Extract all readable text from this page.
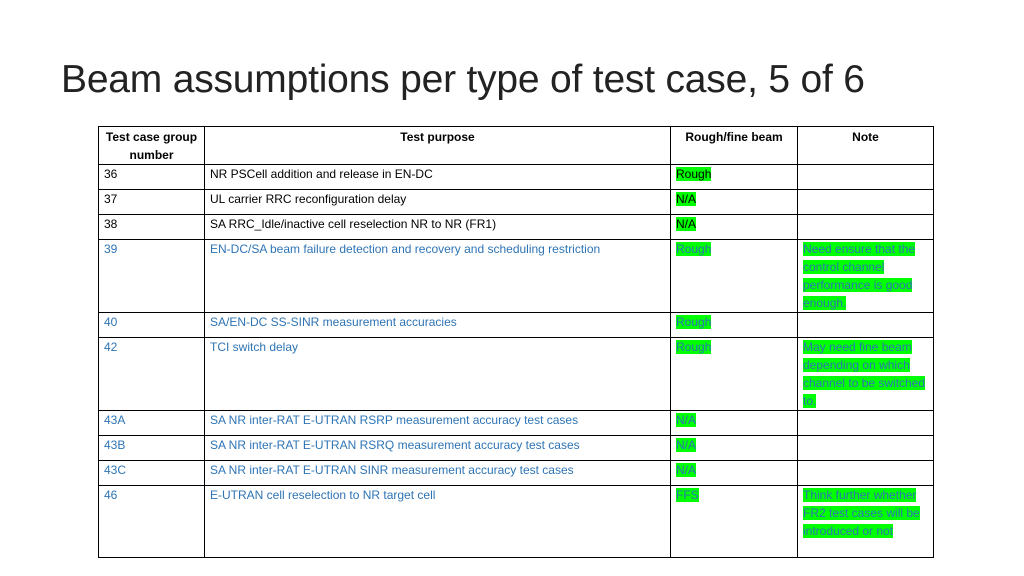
Beam assumptions per type of test case, 5 of 6
Test case group number	Test purpose	Rough/fine beam	Note
36	NR PSCell addition and release in EN-DC	Rough	
37	UL carrier RRC reconfiguration delay	N/A	
38	SA RRC_Idle/inactive cell reselection NR to NR (FR1)	N/A	
39	EN-DC/SA beam failure detection and recovery and scheduling restriction	Rough	Need ensure that the control channel performance is good enough.
40	SA/EN-DC SS-SINR measurement accuracies	Rough	
42	TCI switch delay	Rough	May need fine beam depending on which channel to be switched to.
43A	SA NR inter-RAT E-UTRAN RSRP measurement accuracy test cases	N/A	
43B	SA NR inter-RAT E-UTRAN RSRQ measurement accuracy test cases	N/A	
43C	SA NR inter-RAT E-UTRAN SINR measurement accuracy test cases	N/A	
46	E-UTRAN cell reselection to NR target cell	FFS	Think further whether FR2 test cases will be introduced or not
